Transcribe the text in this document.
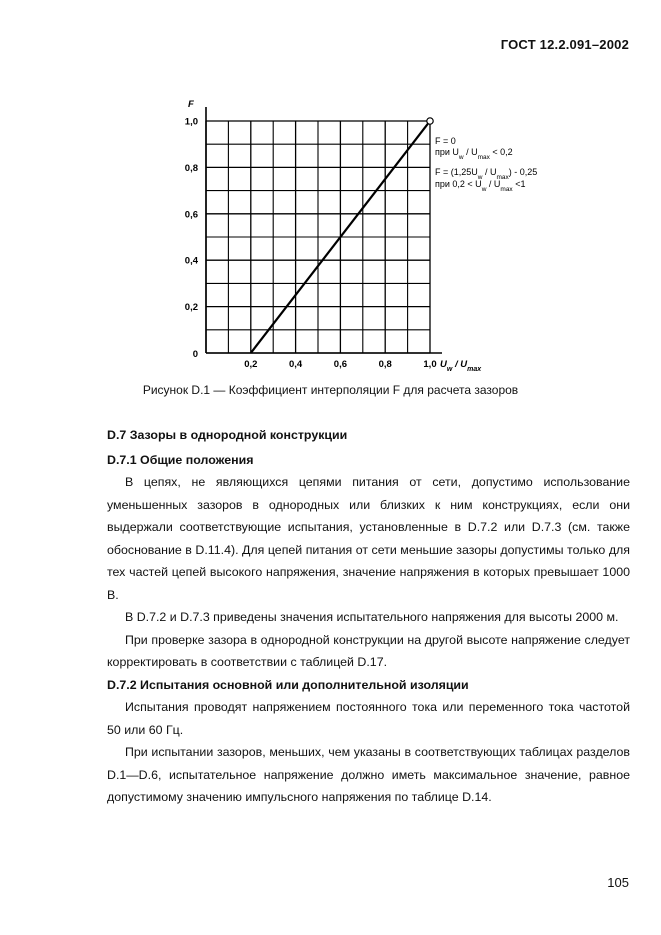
ГОСТ 12.2.091–2002
0,2
0,2
0,4
0,4
0,6
0,6
0,8
0,8
1,0
1,0
F
0
$U_w / U_{max}$
F = 0
при $U_w / U_{max} < 0,2$
$F = (1,25U_w / U_{max}) - 0,25$
при $0,2 < U_w / U_{max} <1$
Рисунок D.1 — Коэффициент интерполяции F для расчета зазоров

D.7 Зазоры в однородной конструкции

D.7.1 Общие положения

В цепях, не являющихся цепями питания от сети, допустимо использование уменьшенных зазоров в однородных или близких к ним конструкциях, если они выдержали соответствующие испытания, установленные в D.7.2 или D.7.3 (см. также обоснование в D.11.4). Для цепей питания от сети меньшие зазоры допустимы только для тех частей цепей высокого напряжения, значение напряжения в которых превышает 1000 В.

В D.7.2 и D.7.3 приведены значения испытательного напряжения для высоты 2000 м.

При проверке зазора в однородной конструкции на другой высоте напряжение следует корректировать в соответствии с таблицей D.17.

D.7.2 Испытания основной или дополнительной изоляции

Испытания проводят напряжением постоянного тока или переменного тока частотой 50 или 60 Гц.

При испытании зазоров, меньших, чем указаны в соответствующих таблицах разделов D.1—D.6, испытательное напряжение должно иметь максимальное значение, равное допустимому значению импульсного напряжения по таблице D.14.

105
